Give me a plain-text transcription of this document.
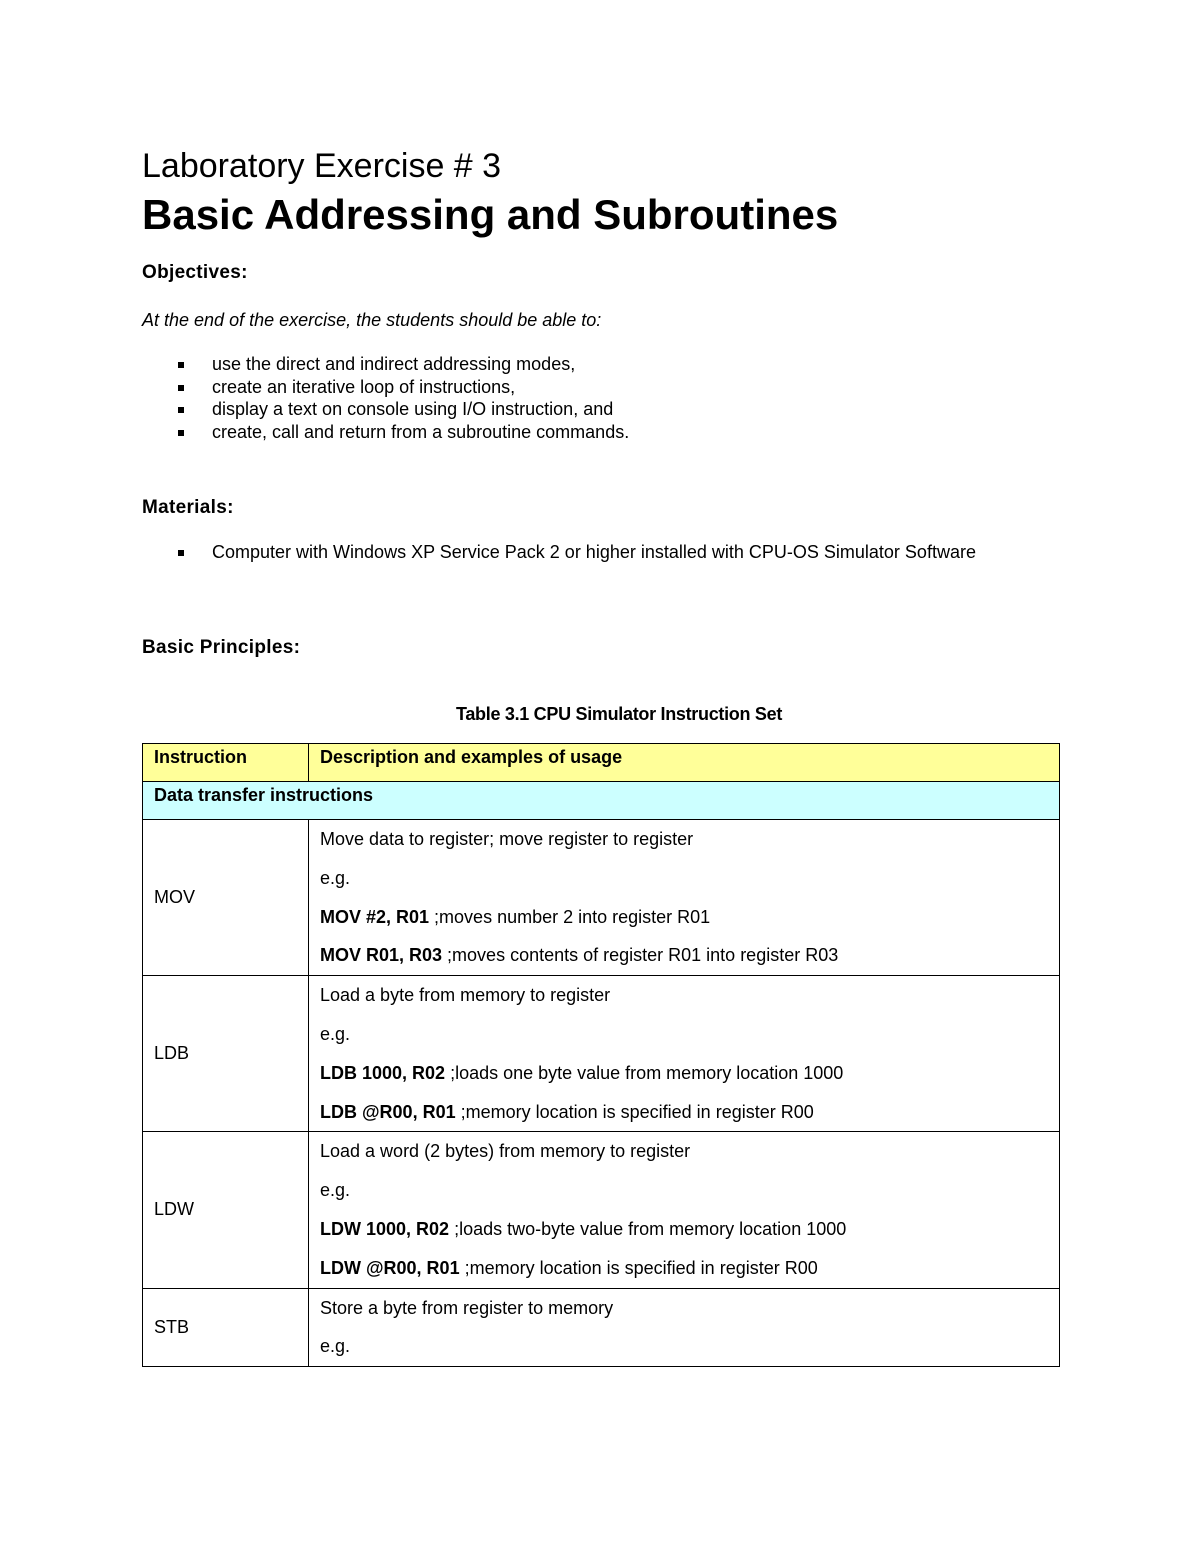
Laboratory Exercise # 3
Basic Addressing and Subroutines
Objectives:
At the end of the exercise, the students should be able to:
use the direct and indirect addressing modes,
create an iterative loop of instructions,
display a text on console using I/O instruction, and
create, call and return from a subroutine commands.
Materials:
Computer with Windows XP Service Pack 2 or higher installed with CPU-OS Simulator Software
Basic Principles:
Table 3.1 CPU Simulator Instruction Set
Instruction	Description and examples of usage
Data transfer instructions	
MOV	Move data to register; move register to register
e.g.
MOV #2, R01 ;moves number 2 into register R01
MOV R01, R03 ;moves contents of register R01 into register R03

LDB	Load a byte from memory to register
e.g.
LDB 1000, R02 ;loads one byte value from memory location 1000
LDB @R00, R01 ;memory location is specified in register R00

LDW	Load a word (2 bytes) from memory to register
e.g.
LDW 1000, R02 ;loads two-byte value from memory location 1000
LDW @R00, R01 ;memory location is specified in register R00

STB	Store a byte from register to memory
e.g.
